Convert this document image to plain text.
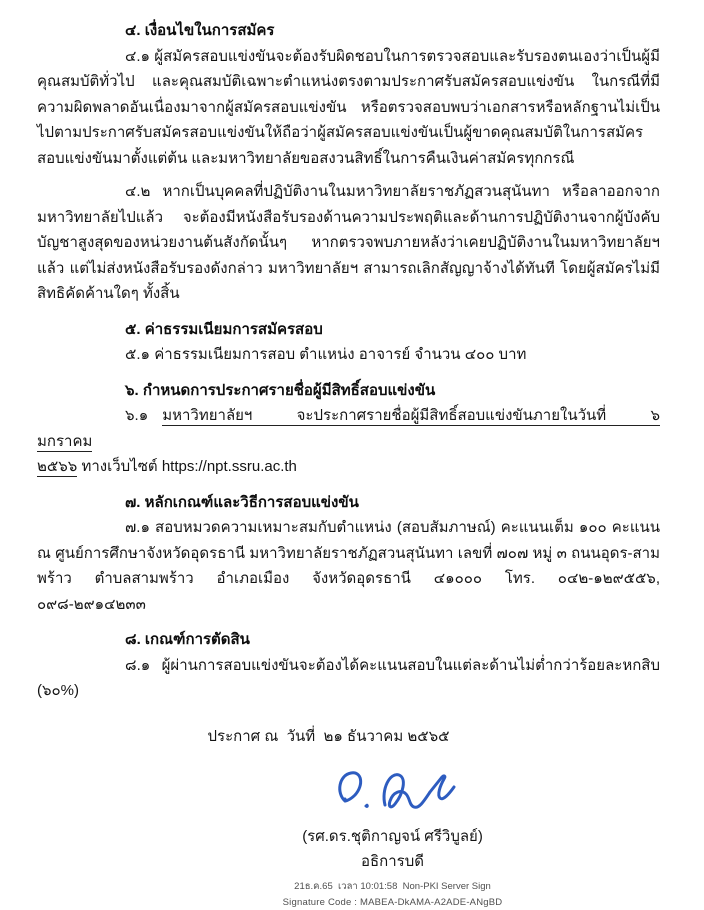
๔. เงื่อนไขในการสมัคร

๔.๑ ผู้สมัครสอบแข่งขันจะต้องรับผิดชอบในการตรวจสอบและรับรองตนเองว่าเป็นผู้มีคุณสมบัติทั่วไป และคุณสมบัติเฉพาะตำแหน่งตรงตามประกาศรับสมัครสอบแข่งขัน ในกรณีที่มีความผิดพลาดอันเนื่องมาจากผู้สมัครสอบแข่งขัน หรือตรวจสอบพบว่าเอกสารหรือหลักฐานไม่เป็นไปตามประกาศรับสมัครสอบแข่งขันให้ถือว่าผู้สมัครสอบแข่งขันเป็นผู้ขาดคุณสมบัติในการสมัครสอบแข่งขันมาตั้งแต่ต้น และมหาวิทยาลัยขอสงวนสิทธิ์ในการคืนเงินค่าสมัครทุกกรณี

๔.๒ หากเป็นบุคคลที่ปฏิบัติงานในมหาวิทยาลัยราชภัฏสวนสุนันทา หรือลาออกจากมหาวิทยาลัยไปแล้ว จะต้องมีหนังสือรับรองด้านความประพฤติและด้านการปฏิบัติงานจากผู้บังคับบัญชาสูงสุดของหน่วยงานต้นสังกัดนั้นๆ หากตรวจพบภายหลังว่าเคยปฏิบัติงานในมหาวิทยาลัยฯ แล้ว แต่ไม่ส่งหนังสือรับรองดังกล่าว มหาวิทยาลัยฯ สามารถเลิกสัญญาจ้างได้ทันที โดยผู้สมัครไม่มีสิทธิคัดค้านใดๆ ทั้งสิ้น

๕. ค่าธรรมเนียมการสมัครสอบ

๕.๑ ค่าธรรมเนียมการสอบ ตำแหน่ง อาจารย์ จำนวน ๔๐๐ บาท

๖. กำหนดการประกาศรายชื่อผู้มีสิทธิ์สอบแข่งขัน

๖.๑ มหาวิทยาลัยฯ จะประกาศรายชื่อผู้มีสิทธิ์สอบแข่งขันภายในวันที่ ๖ มกราคม
๒๕๖๖ ทางเว็บไซต์ https://npt.ssru.ac.th

๗. หลักเกณฑ์และวิธีการสอบแข่งขัน

๗.๑ สอบหมวดความเหมาะสมกับตำแหน่ง (สอบสัมภาษณ์) คะแนนเต็ม ๑๐๐ คะแนน ณ ศูนย์การศึกษาจังหวัดอุดรธานี มหาวิทยาลัยราชภัฏสวนสุนันทา เลขที่ ๗๐๗ หมู่ ๓ ถนนอุดร-สามพร้าว ตำบลสามพร้าว อำเภอเมือง จังหวัดอุดรธานี ๔๑๐๐๐ โทร. ๐๔๒-๑๒๙๕๕๖, ๐๙๘-๒๙๑๔๒๓๓

๘. เกณฑ์การตัดสิน

๘.๑ ผู้ผ่านการสอบแข่งขันจะต้องได้คะแนนสอบในแต่ละด้านไม่ต่ำกว่าร้อยละหกสิบ (๖๐%)

ประกาศ ณ  วันที่  ๒๑ ธันวาคม ๒๕๖๕

(รศ.ดร.ชุติกาญจน์ ศรีวิบูลย์)

อธิการบดี

21ธ.ค.65  เวลา 10:01:58  Non-PKI Server Sign

Signature Code : MABEA-DkAMA-A2ADE-ANgBD
